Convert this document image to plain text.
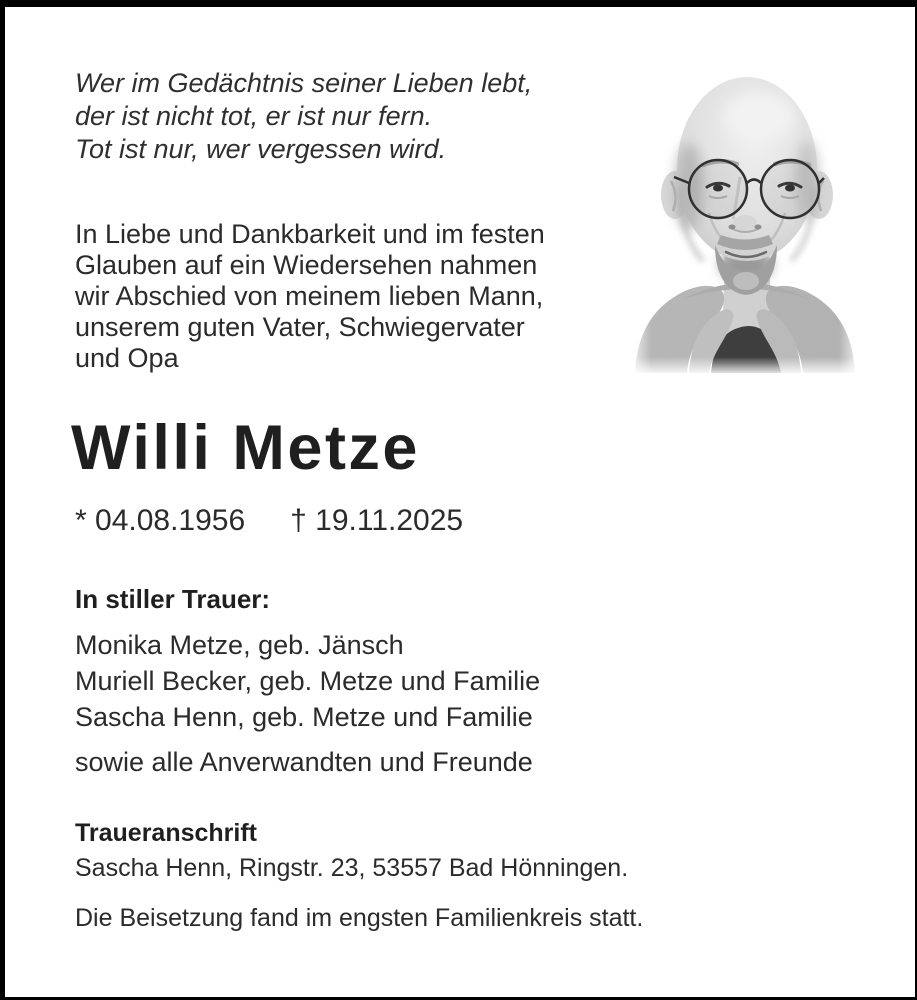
Wer im Gedächtnis seiner Lieben lebt,
der ist nicht tot, er ist nur fern.
Tot ist nur, wer vergessen wird.
In Liebe und Dankbarkeit und im festen
Glauben auf ein Wiedersehen nahmen
wir Abschied von meinem lieben Mann,
unserem guten Vater, Schwiegervater
und Opa
Willi Metze
* 04.08.1956 † 19.11.2025
In stiller Trauer:
Monika Metze, geb. Jänsch
Muriell Becker, geb. Metze und Familie
Sascha Henn, geb. Metze und Familie
sowie alle Anverwandten und Freunde
Traueranschrift
Sascha Henn, Ringstr. 23, 53557 Bad Hönningen.
Die Beisetzung fand im engsten Familienkreis statt.
